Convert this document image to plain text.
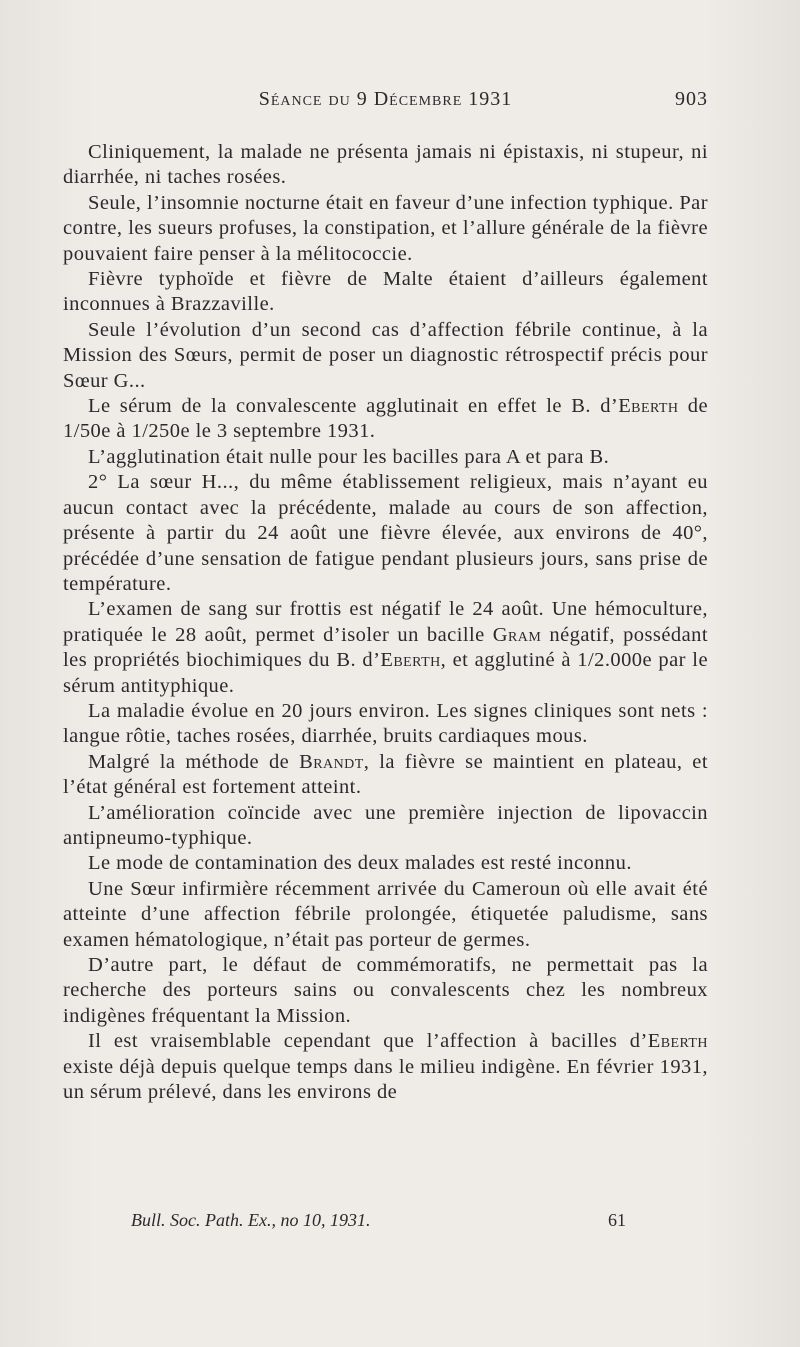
Séance du 9 Décembre 1931	903

Cliniquement, la malade ne présenta jamais ni épistaxis, ni stupeur, ni diarrhée, ni taches rosées.

Seule, l’insomnie nocturne était en faveur d’une infection typhique. Par contre, les sueurs profuses, la constipation, et l’allure générale de la fièvre pouvaient faire penser à la mélitococcie.

Fièvre typhoïde et fièvre de Malte étaient d’ailleurs également inconnues à Brazzaville.

Seule l’évolution d’un second cas d’affection fébrile continue, à la Mission des Sœurs, permit de poser un diagnostic rétrospectif précis pour Sœur G...

Le sérum de la convalescente agglutinait en effet le B. d’Eberth de 1/50e à 1/250e le 3 septembre 1931.

L’agglutination était nulle pour les bacilles para A et para B.

2° La sœur H..., du même établissement religieux, mais n’ayant eu aucun contact avec la précédente, malade au cours de son affection, présente à partir du 24 août une fièvre élevée, aux environs de 40°, précédée d’une sensation de fatigue pendant plusieurs jours, sans prise de température.

L’examen de sang sur frottis est négatif le 24 août. Une hémoculture, pratiquée le 28 août, permet d’isoler un bacille Gram négatif, possédant les propriétés biochimiques du B. d’Eberth, et agglutiné à 1/2.000e par le sérum antityphique.

La maladie évolue en 20 jours environ. Les signes cliniques sont nets : langue rôtie, taches rosées, diarrhée, bruits cardiaques mous.

Malgré la méthode de Brandt, la fièvre se maintient en plateau, et l’état général est fortement atteint.

L’amélioration coïncide avec une première injection de lipovaccin antipneumo-typhique.

Le mode de contamination des deux malades est resté inconnu.

Une Sœur infirmière récemment arrivée du Cameroun où elle avait été atteinte d’une affection fébrile prolongée, étiquetée paludisme, sans examen hématologique, n’était pas porteur de germes.

D’autre part, le défaut de commémoratifs, ne permettait pas la recherche des porteurs sains ou convalescents chez les nombreux indigènes fréquentant la Mission.

Il est vraisemblable cependant que l’affection à bacilles d’Eberth existe déjà depuis quelque temps dans le milieu indigène. En février 1931, un sérum prélevé, dans les environs de

Bull. Soc. Path. Ex., no 10, 1931.	61
